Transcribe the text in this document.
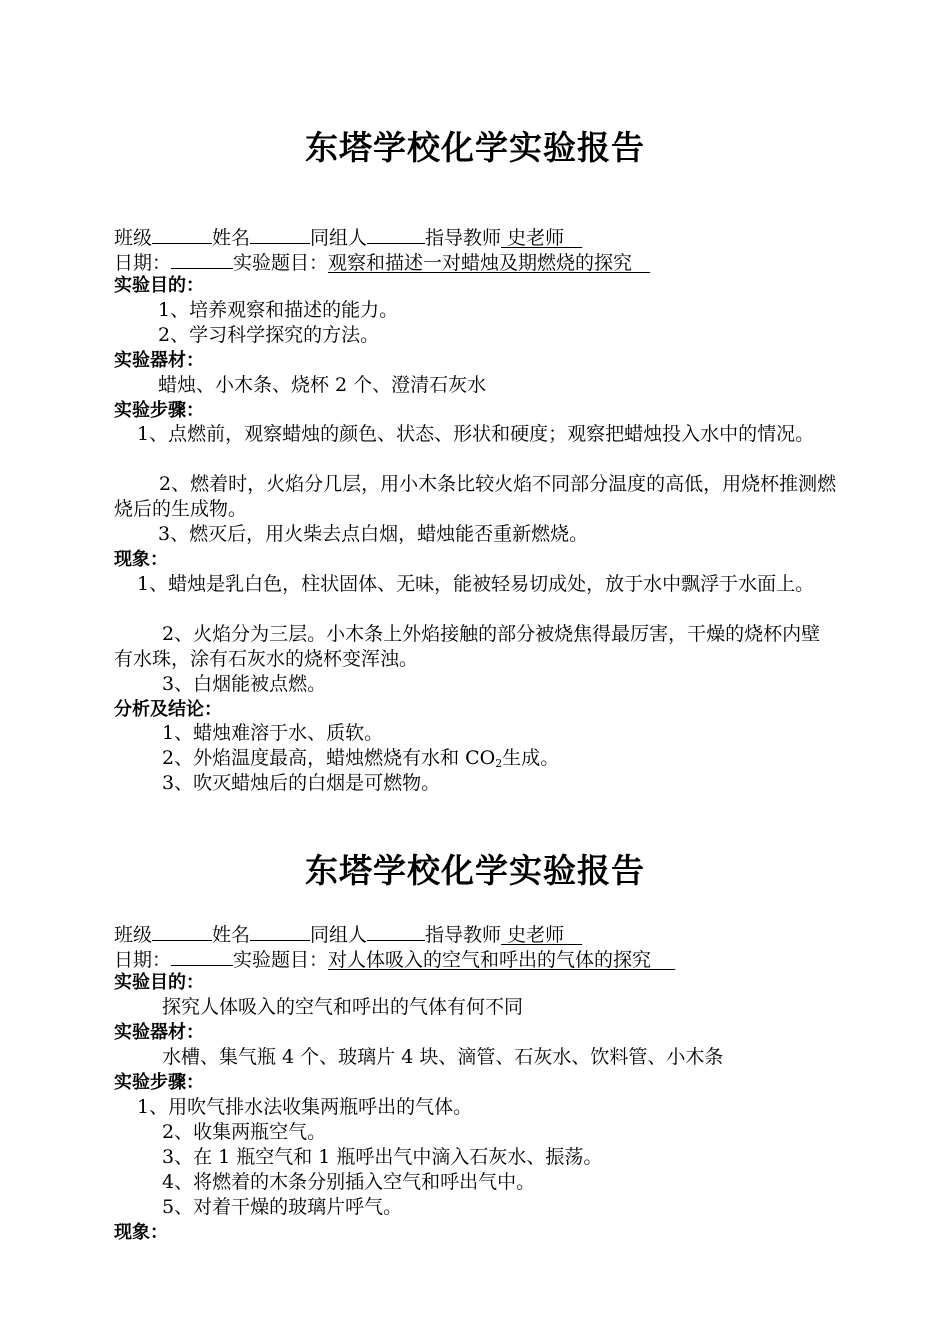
东塔学校化学实验报告

班级	姓名	同组人	指导教师 史老师

日期：	实验题目：观察和描述一对蜡烛及期燃烧的探究

实验目的：

1、培养观察和描述的能力。

2、学习科学探究的方法。

实验器材：

蜡烛、小木条、烧杯 2 个、澄清石灰水

实验步骤：

1、点燃前，观察蜡烛的颜色、状态、形状和硬度；观察把蜡烛投入水中的情况。

2、燃着时，火焰分几层，用小木条比较火焰不同部分温度的高低，用烧杯推测燃烧后的生成物。

3、燃灭后，用火柴去点白烟，蜡烛能否重新燃烧。

现象：

1、蜡烛是乳白色，柱状固体、无味，能被轻易切成处，放于水中飘浮于水面上。

2、火焰分为三层。小木条上外焰接触的部分被烧焦得最厉害，干燥的烧杯内壁有水珠，涂有石灰水的烧杯变浑浊。

3、白烟能被点燃。

分析及结论：

1、蜡烛难溶于水、质软。

2、外焰温度最高，蜡烛燃烧有水和 $CO_2$生成。

3、吹灭蜡烛后的白烟是可燃物。

东塔学校化学实验报告

班级	姓名	同组人	指导教师 史老师

日期：	实验题目：对人体吸入的空气和呼出的气体的探究

实验目的：

探究人体吸入的空气和呼出的气体有何不同

实验器材：

水槽、集气瓶 4 个、玻璃片 4 块、滴管、石灰水、饮料管、小木条

实验步骤：

1、用吹气排水法收集两瓶呼出的气体。

2、收集两瓶空气。

3、在 1 瓶空气和 1 瓶呼出气中滴入石灰水、振荡。

4、将燃着的木条分别插入空气和呼出气中。

5、对着干燥的玻璃片呼气。

现象：
